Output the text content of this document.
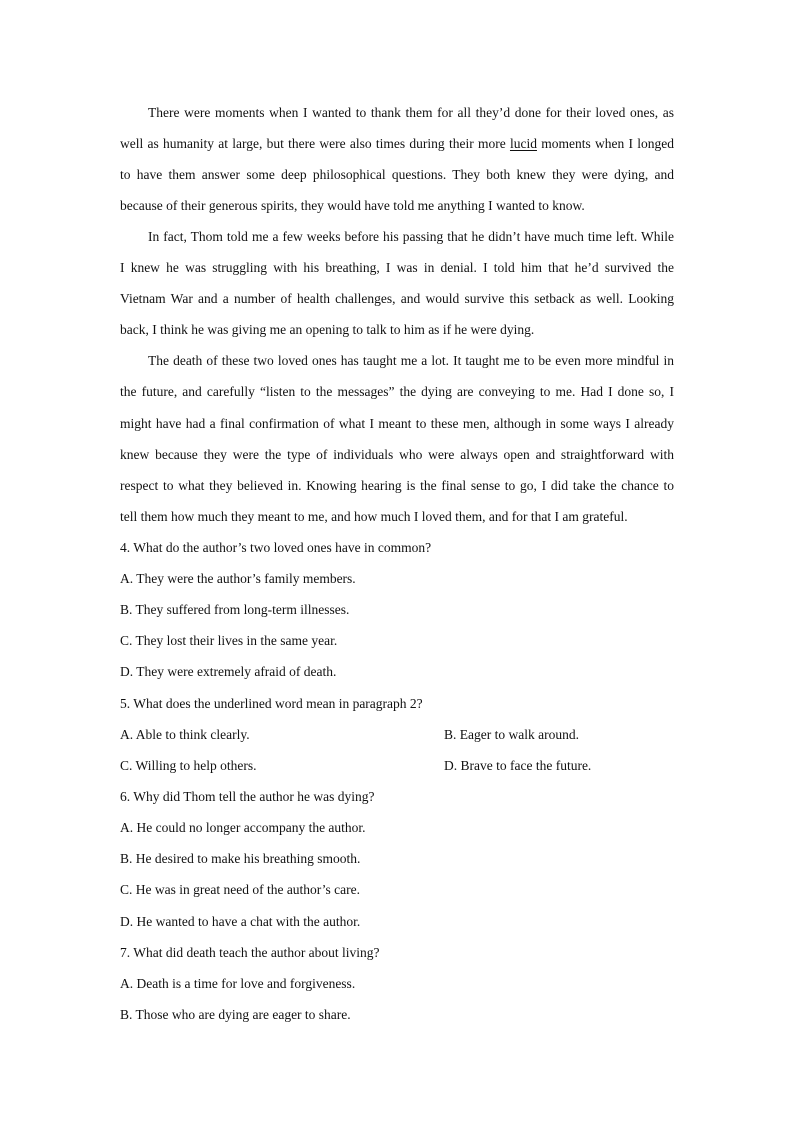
There were moments when I wanted to thank them for all they’d done for their loved ones, as
well as humanity at large, but there were also times during their more lucid moments when I longed
to have them answer some deep philosophical questions. They both knew they were dying, and
because of their generous spirits, they would have told me anything I wanted to know.
In fact, Thom told me a few weeks before his passing that he didn’t have much time left. While
I knew he was struggling with his breathing, I was in denial. I told him that he’d survived the
Vietnam War and a number of health challenges, and would survive this setback as well. Looking
back, I think he was giving me an opening to talk to him as if he were dying.
The death of these two loved ones has taught me a lot. It taught me to be even more mindful in
the future, and carefully “listen to the messages” the dying are conveying to me. Had I done so, I
might have had a final confirmation of what I meant to these men, although in some ways I already
knew because they were the type of individuals who were always open and straightforward with
respect to what they believed in. Knowing hearing is the final sense to go, I did take the chance to
tell them how much they meant to me, and how much I loved them, and for that I am grateful.
4. What do the author’s two loved ones have in common?
A. They were the author’s family members.
B. They suffered from long-term illnesses.
C. They lost their lives in the same year.
D. They were extremely afraid of death.
5. What does the underlined word mean in paragraph 2?
A. Able to think clearly.	B. Eager to walk around.
C. Willing to help others.	D. Brave to face the future.
6. Why did Thom tell the author he was dying?
A. He could no longer accompany the author.
B. He desired to make his breathing smooth.
C. He was in great need of the author’s care.
D. He wanted to have a chat with the author.
7. What did death teach the author about living?
A. Death is a time for love and forgiveness.
B. Those who are dying are eager to share.
